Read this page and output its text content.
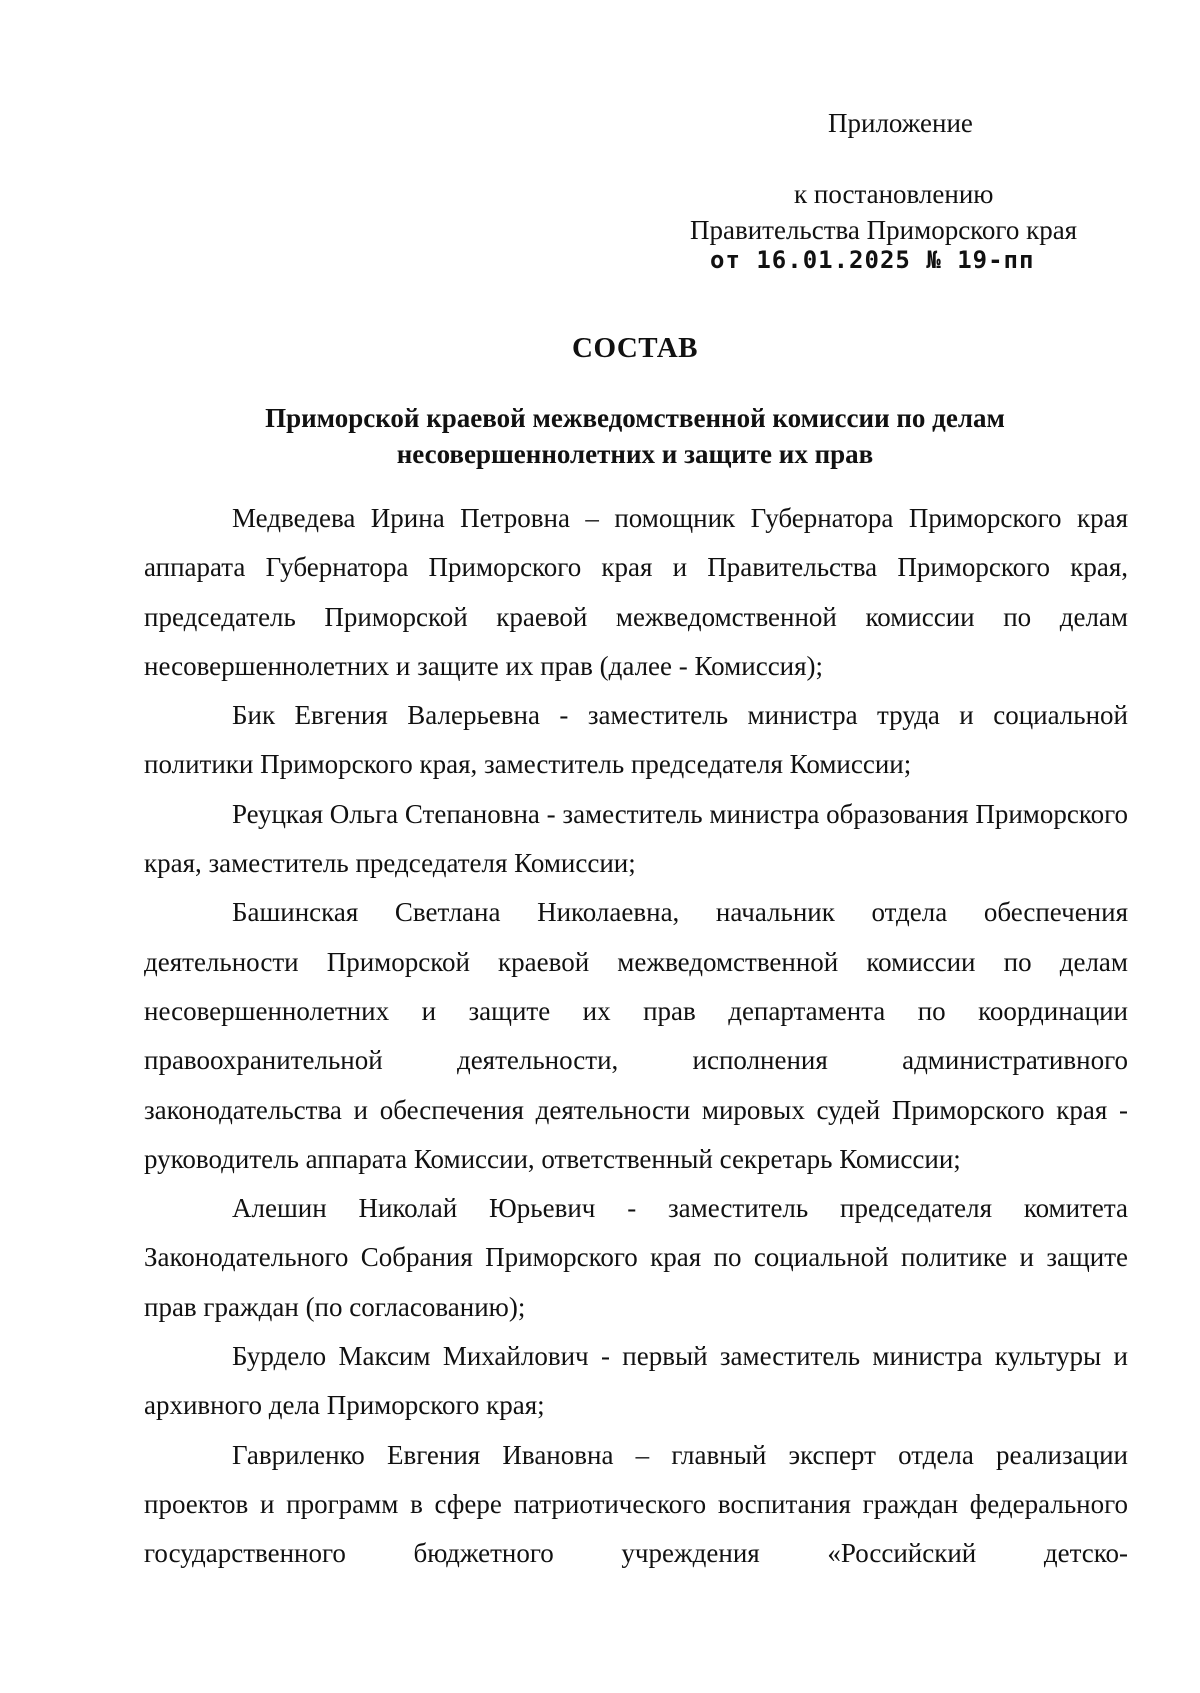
Приложение
к постановлению
Правительства Приморского края
от 16.01.2025 № 19-пп
СОСТАВ
Приморской краевой межведомственной комиссии по делам несовершеннолетних и защите их прав

Медведева Ирина Петровна – помощник Губернатора Приморского края аппарата Губернатора Приморского края и Правительства Приморского края, председатель Приморской краевой межведомственной комиссии по делам несовершеннолетних и защите их прав (далее - Комиссия);

Бик Евгения Валерьевна - заместитель министра труда и социальной политики Приморского края, заместитель председателя Комиссии;

Реуцкая Ольга Степановна - заместитель министра образования Приморского края, заместитель председателя Комиссии;

Башинская Светлана Николаевна, начальник отдела обеспечения деятельности Приморской краевой межведомственной комиссии по делам несовершеннолетних и защите их прав департамента по координации правоохранительной деятельности, исполнения административного законодательства и обеспечения деятельности мировых судей Приморского края - руководитель аппарата Комиссии, ответственный секретарь Комиссии;

Алешин Николай Юрьевич - заместитель председателя комитета Законодательного Собрания Приморского края по социальной политике и защите прав граждан (по согласованию);

Бурдело Максим Михайлович - первый заместитель министра культуры и архивного дела Приморского края;

Гавриленко Евгения Ивановна – главный эксперт отдела реализации проектов и программ в сфере патриотического воспитания граждан федерального государственного бюджетного учреждения «Российский детско-
